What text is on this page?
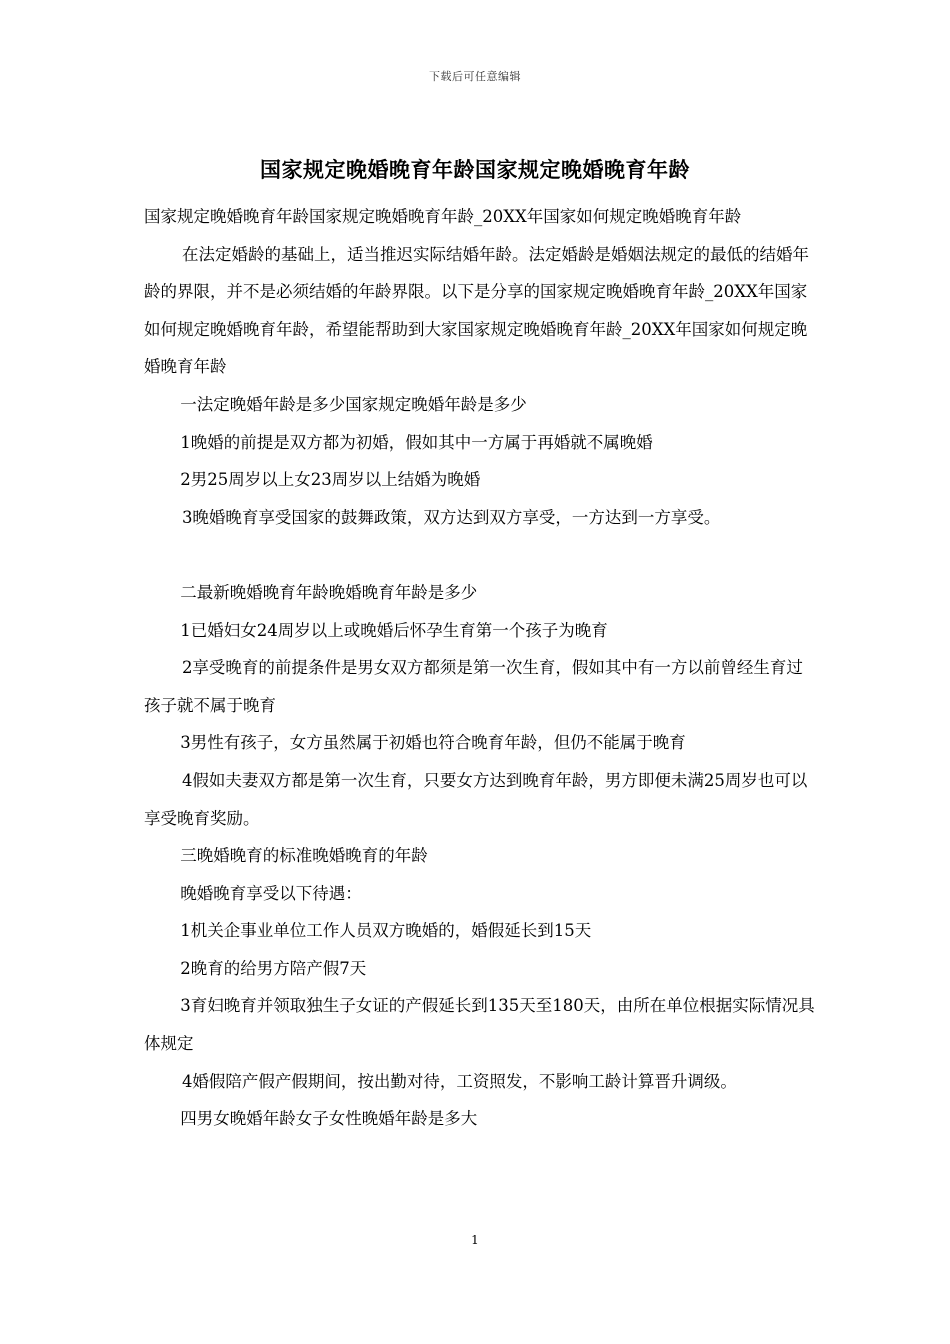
下载后可任意编辑
国家规定晚婚晚育年龄国家规定晚婚晚育年龄

国家规定晚婚晚育年龄国家规定晚婚晚育年龄_20XX年国家如何规定晚婚晚育年龄

在法定婚龄的基础上，适当推迟实际结婚年龄。法定婚龄是婚姻法规定的最低的结婚年龄的界限，并不是必须结婚的年龄界限。以下是分享的国家规定晚婚晚育年龄_20XX年国家如何规定晚婚晚育年龄，希望能帮助到大家国家规定晚婚晚育年龄_20XX年国家如何规定晚婚晚育年龄

一法定晚婚年龄是多少国家规定晚婚年龄是多少

1晚婚的前提是双方都为初婚，假如其中一方属于再婚就不属晚婚

2男25周岁以上女23周岁以上结婚为晚婚

3晚婚晚育享受国家的鼓舞政策，双方达到双方享受，一方达到一方享受。

二最新晚婚晚育年龄晚婚晚育年龄是多少

1已婚妇女24周岁以上或晚婚后怀孕生育第一个孩子为晚育

2享受晚育的前提条件是男女双方都须是第一次生育，假如其中有一方以前曾经生育过孩子就不属于晚育

3男性有孩子，女方虽然属于初婚也符合晚育年龄，但仍不能属于晚育

4假如夫妻双方都是第一次生育，只要女方达到晚育年龄，男方即便未满25周岁也可以享受晚育奖励。

三晚婚晚育的标准晚婚晚育的年龄

晚婚晚育享受以下待遇：

1机关企事业单位工作人员双方晚婚的，婚假延长到15天

2晚育的给男方陪产假7天

3育妇晚育并领取独生子女证的产假延长到135天至180天，由所在单位根据实际情况具体规定

4婚假陪产假产假期间，按出勤对待，工资照发，不影响工龄计算晋升调级。

四男女晚婚年龄女子女性晚婚年龄是多大

1
